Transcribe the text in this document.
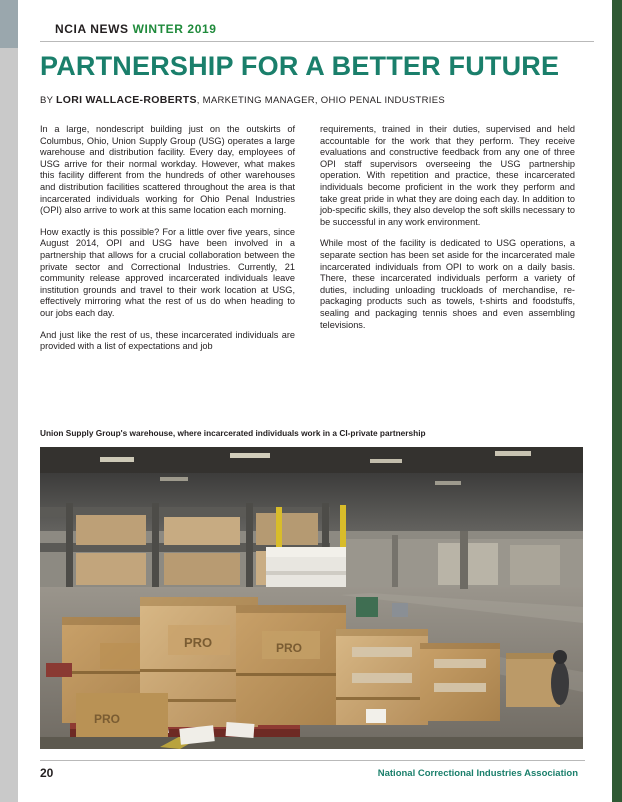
NCIA NEWS WINTER 2019
PARTNERSHIP FOR A BETTER FUTURE
BY LORI WALLACE-ROBERTS, MARKETING MANAGER, OHIO PENAL INDUSTRIES

In a large, nondescript building just on the outskirts of Columbus, Ohio, Union Supply Group (USG) operates a large warehouse and distribution facility. Every day, employees of USG arrive for their normal workday. However, what makes this facility different from the hundreds of other warehouses and distribution facilities scattered throughout the area is that incarcerated individuals working for Ohio Penal Industries (OPI) also arrive to work at this same location each morning.

How exactly is this possible? For a little over five years, since August 2014, OPI and USG have been involved in a partnership that allows for a crucial collaboration between the private sector and Correctional Industries. Currently, 21 community release approved incarcerated individuals leave institution grounds and travel to their work location at USG, effectively mirroring what the rest of us do when heading to our jobs each day.

And just like the rest of us, these incarcerated individuals are provided with a list of expectations and job

requirements, trained in their duties, supervised and held accountable for the work that they perform. They receive evaluations and constructive feedback from any one of three OPI staff supervisors overseeing the USG partnership operation. With repetition and practice, these incarcerated individuals become proficient in the work they perform and take great pride in what they are doing each day. In addition to job-specific skills, they also develop the soft skills necessary to be successful in any work environment.

While most of the facility is dedicated to USG operations, a separate section has been set aside for the incarcerated male incarcerated individuals from OPI to work on a daily basis. There, these incarcerated individuals perform a variety of duties, including unloading truckloads of merchandise, re-packaging products such as towels, t-shirts and foodstuffs, sealing and packaging tennis shoes and even assembling televisions.

Union Supply Group's warehouse, where incarcerated individuals work in a CI-private partnership
PRO	PRO
PRO
20	National Correctional Industries Association
